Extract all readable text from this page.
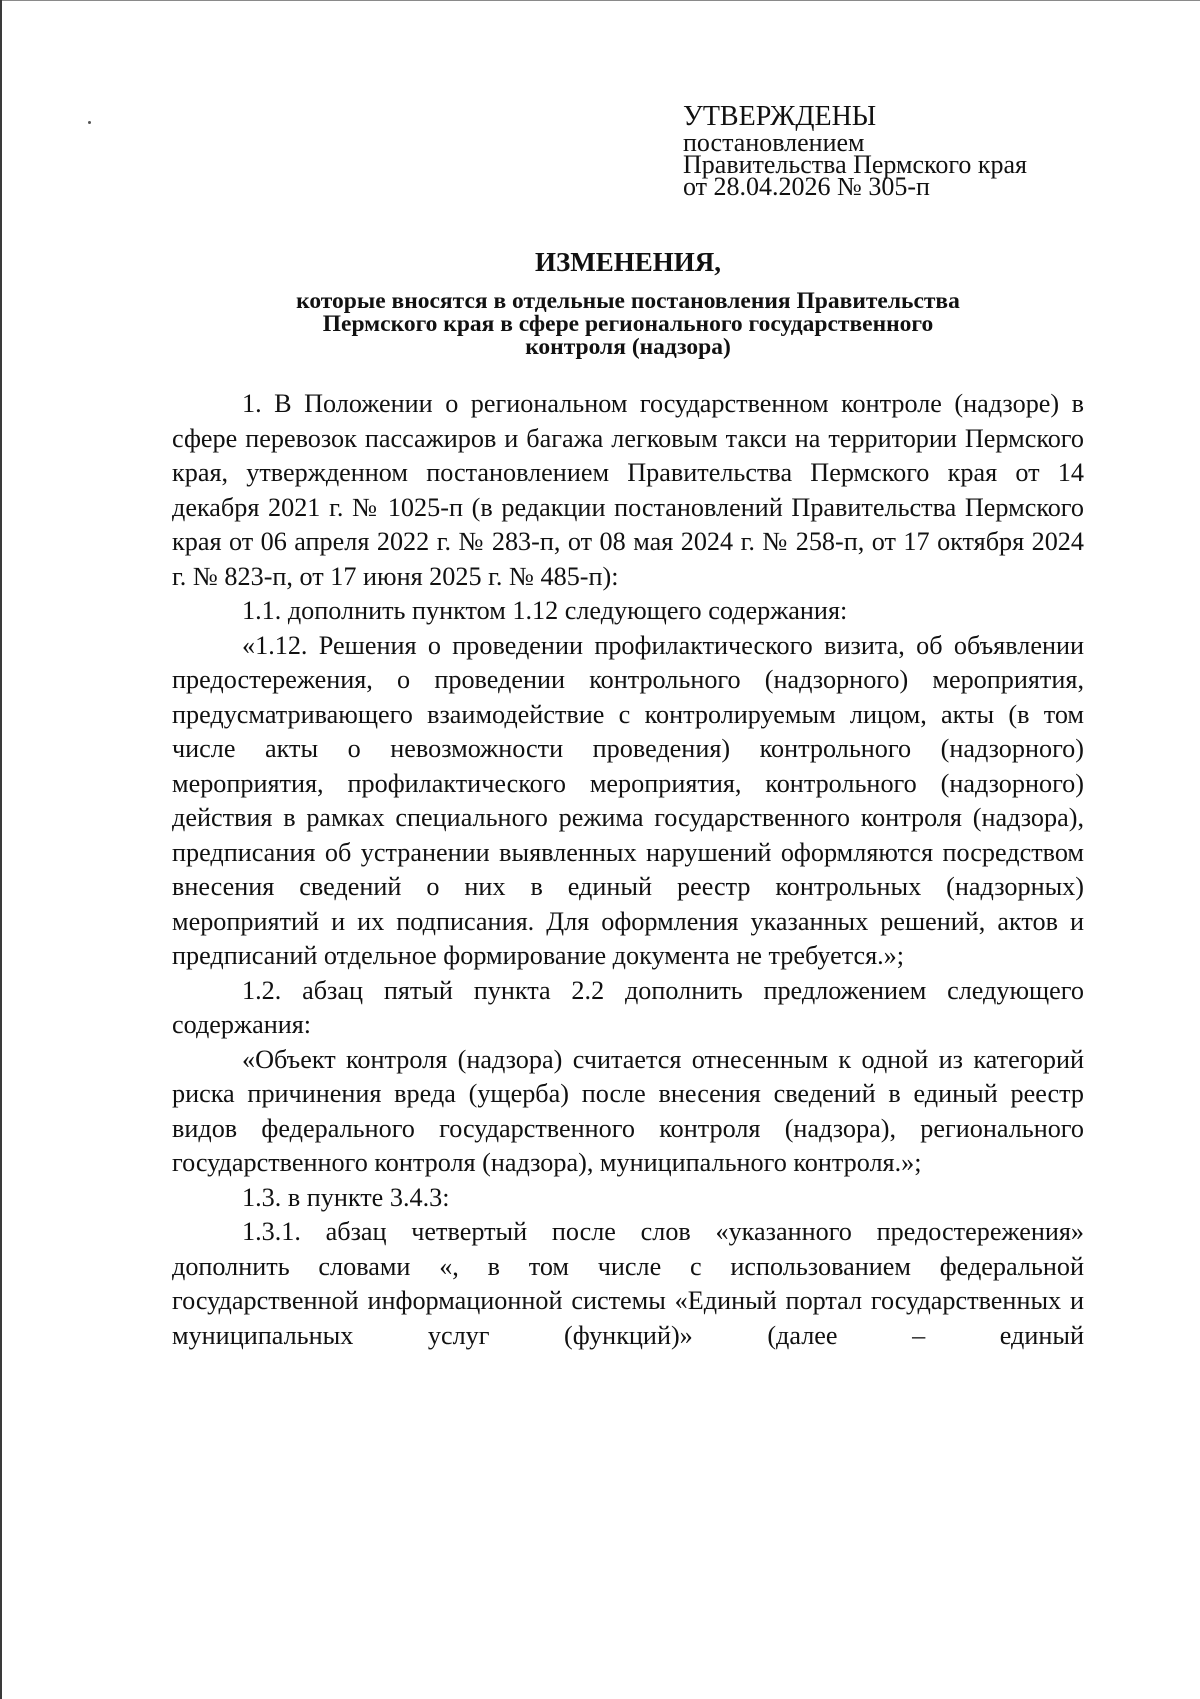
УТВЕРЖДЕНЫ
постановлением
Правительства Пермского края
от 28.04.2026 № 305-п
ИЗМЕНЕНИЯ,
которые вносятся в отдельные постановления Правительства
Пермского края в сфере регионального государственного
контроля (надзора)

1. В Положении о региональном государственном контроле (надзоре) в сфере перевозок пассажиров и багажа легковым такси на территории Пермского края, утвержденном постановлением Правительства Пермского края от 14 декабря 2021 г. № 1025-п (в редакции постановлений Правительства Пермского края от 06 апреля 2022 г. № 283-п, от 08 мая 2024 г. № 258-п, от 17 октября 2024 г. № 823-п, от 17 июня 2025 г. № 485-п):

1.1. дополнить пунктом 1.12 следующего содержания:

«1.12. Решения о проведении профилактического визита, об объявлении предостережения, о проведении контрольного (надзорного) мероприятия, предусматривающего взаимодействие с контролируемым лицом, акты (в том числе акты о невозможности проведения) контрольного (надзорного) мероприятия, профилактического мероприятия, контрольного (надзорного) действия в рамках специального режима государственного контроля (надзора), предписания об устранении выявленных нарушений оформляются посредством внесения сведений о них в единый реестр контрольных (надзорных) мероприятий и их подписания. Для оформления указанных решений, актов и предписаний отдельное формирование документа не требуется.»;

1.2. абзац пятый пункта 2.2 дополнить предложением следующего содержания:

«Объект контроля (надзора) считается отнесенным к одной из категорий риска причинения вреда (ущерба) после внесения сведений в единый реестр видов федерального государственного контроля (надзора), регионального государственного контроля (надзора), муниципального контроля.»;

1.3. в пункте 3.4.3:

1.3.1. абзац четвертый после слов «указанного предостережения» дополнить словами «, в том числе с использованием федеральной государственной информационной системы «Единый портал государственных и муниципальных услуг (функций)» (далее – единый
